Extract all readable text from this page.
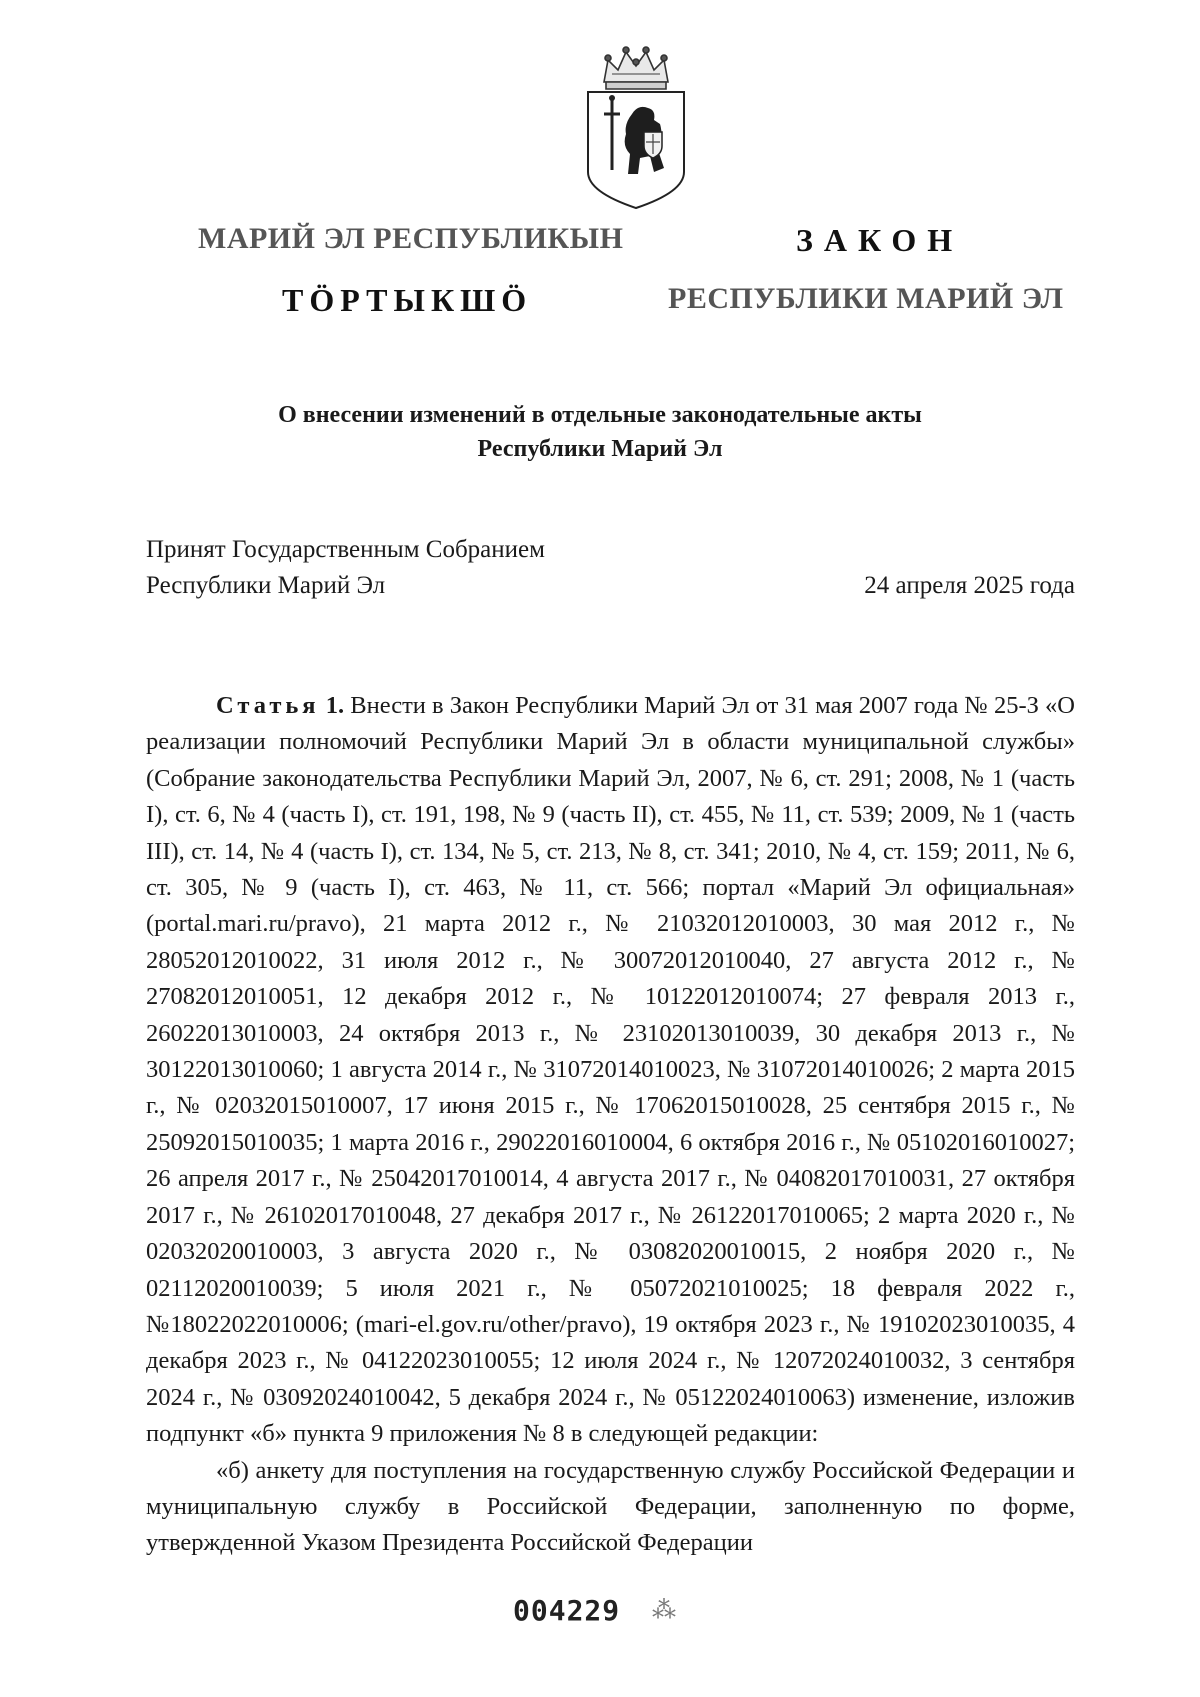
МАРИЙ ЭЛ РЕСПУБЛИКЫН
ТӦРТЫКШӦ
ЗАКОН
РЕСПУБЛИКИ МАРИЙ ЭЛ
О внесении изменений в отдельные законодательные акты
Республики Марий Эл
Принят Государственным Собранием
Республики Марий Эл	24 апреля 2025 года

Статья 1. Внести в Закон Республики Марий Эл от 31 мая 2007 года № 25-З «О реализации полномочий Республики Марий Эл в области муниципальной службы» (Собрание законодательства Республики Марий Эл, 2007, № 6, ст. 291; 2008, № 1 (часть I), ст. 6, № 4 (часть I), ст. 191, 198, № 9 (часть II), ст. 455, № 11, ст. 539; 2009, № 1 (часть III), ст. 14, № 4 (часть I), ст. 134, № 5, ст. 213, № 8, ст. 341; 2010, № 4, ст. 159; 2011, № 6, ст. 305, № 9 (часть I), ст. 463, № 11, ст. 566; портал «Марий Эл официальная» (portal.mari.ru/pravo), 21 марта 2012 г., № 21032012010003, 30 мая 2012 г., № 28052012010022, 31 июля 2012 г., № 30072012010040, 27 августа 2012 г., № 27082012010051, 12 декабря 2012 г., № 10122012010074; 27 февраля 2013 г., 26022013010003, 24 октября 2013 г., № 23102013010039, 30 декабря 2013 г., № 30122013010060; 1 августа 2014 г., № 31072014010023, № 31072014010026; 2 марта 2015 г., № 02032015010007, 17 июня 2015 г., № 17062015010028, 25 сентября 2015 г., № 25092015010035; 1 марта 2016 г., 29022016010004, 6 октября 2016 г., № 05102016010027; 26 апреля 2017 г., № 25042017010014, 4 августа 2017 г., № 04082017010031, 27 октября 2017 г., № 26102017010048, 27 декабря 2017 г., № 26122017010065; 2 марта 2020 г., № 02032020010003, 3 августа 2020 г., № 03082020010015, 2 ноября 2020 г., № 02112020010039; 5 июля 2021 г., № 05072021010025; 18 февраля 2022 г., №18022022010006; (mari-el.gov.ru/other/pravo), 19 октября 2023 г., № 19102023010035, 4 декабря 2023 г., № 04122023010055; 12 июля 2024 г., № 12072024010032, 3 сентября 2024 г., № 03092024010042, 5 декабря 2024 г., № 05122024010063) изменение, изложив подпункт «б» пункта 9 приложения № 8 в следующей редакции:

«б) анкету для поступления на государственную службу Российской Федерации и муниципальную службу в Российской Федерации, заполненную по форме, утвержденной Указом Президента Российской Федерации

004229 ⁂
